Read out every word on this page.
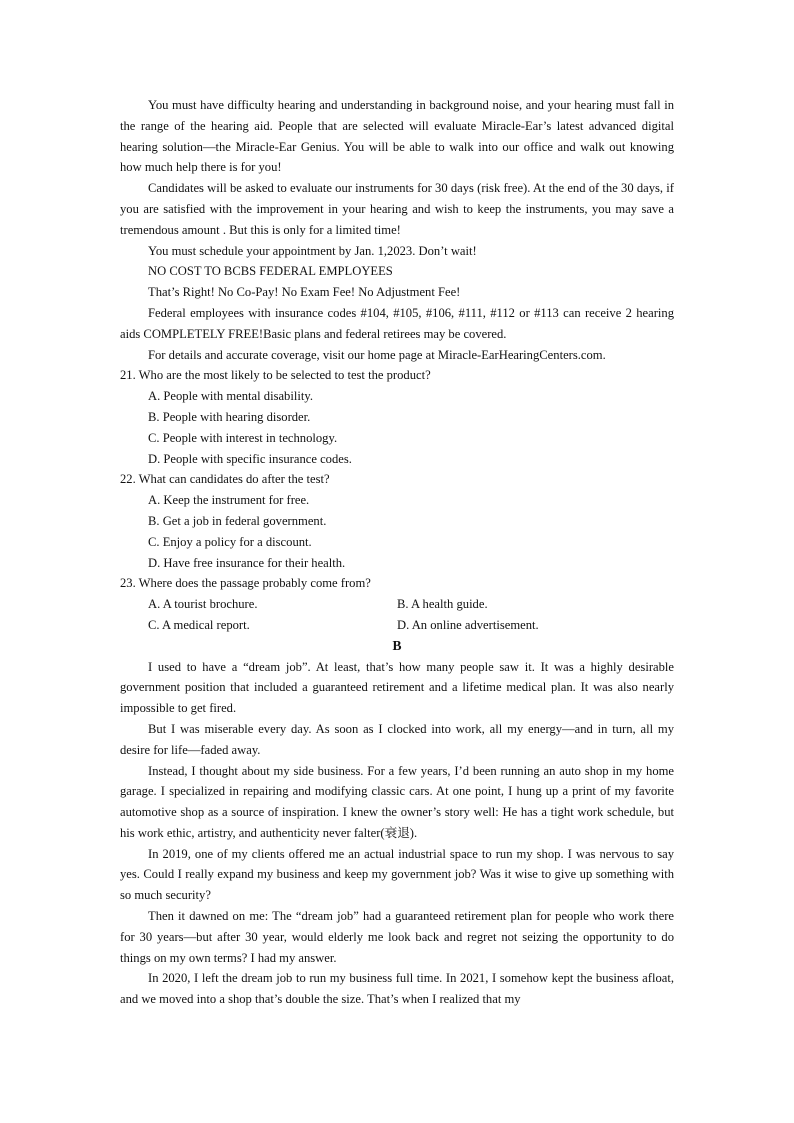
You must have difficulty hearing and understanding in background noise, and your hearing must fall in the range of the hearing aid. People that are selected will evaluate Miracle-Ear’s latest advanced digital hearing solution—the Miracle-Ear Genius. You will be able to walk into our office and walk out knowing how much help there is for you!

Candidates will be asked to evaluate our instruments for 30 days (risk free). At the end of the 30 days, if you are satisfied with the improvement in your hearing and wish to keep the instruments, you may save a tremendous amount . But this is only for a limited time!

You must schedule your appointment by Jan. 1,2023. Don’t wait!

NO COST TO BCBS FEDERAL EMPLOYEES

That’s Right! No Co-Pay! No Exam Fee! No Adjustment Fee!

Federal employees with insurance codes #104, #105, #106, #111, #112 or #113 can receive 2 hearing aids COMPLETELY FREE!Basic plans and federal retirees may be covered.

For details and accurate coverage, visit our home page at Miracle-EarHearingCenters.com.

21. Who are the most likely to be selected to test the product?

A. People with mental disability.

B. People with hearing disorder.

C. People with interest in technology.

D. People with specific insurance codes.

22. What can candidates do after the test?

A. Keep the instrument for free.

B. Get a job in federal government.

C. Enjoy a policy for a discount.

D. Have free insurance for their health.

23. Where does the passage probably come from?

A. A tourist brochure.	B. A health guide.
C. A medical report.	D. An online advertisement.

B

I used to have a “dream job”. At least, that’s how many people saw it. It was a highly desirable government position that included a guaranteed retirement and a lifetime medical plan. It was also nearly impossible to get fired.

But I was miserable every day. As soon as I clocked into work, all my energy—and in turn, all my desire for life—faded away.

Instead, I thought about my side business. For a few years, I’d been running an auto shop in my home garage. I specialized in repairing and modifying classic cars. At one point, I hung up a print of my favorite automotive shop as a source of inspiration. I knew the owner’s story well: He has a tight work schedule, but his work ethic, artistry, and authenticity never falter(衰退).

In 2019, one of my clients offered me an actual industrial space to run my shop. I was nervous to say yes. Could I really expand my business and keep my government job? Was it wise to give up something with so much security?

Then it dawned on me: The “dream job” had a guaranteed retirement plan for people who work there for 30 years—but after 30 year, would elderly me look back and regret not seizing the opportunity to do things on my own terms? I had my answer.

In 2020, I left the dream job to run my business full time. In 2021, I somehow kept the business afloat, and we moved into a shop that’s double the size. That’s when I realized that my
